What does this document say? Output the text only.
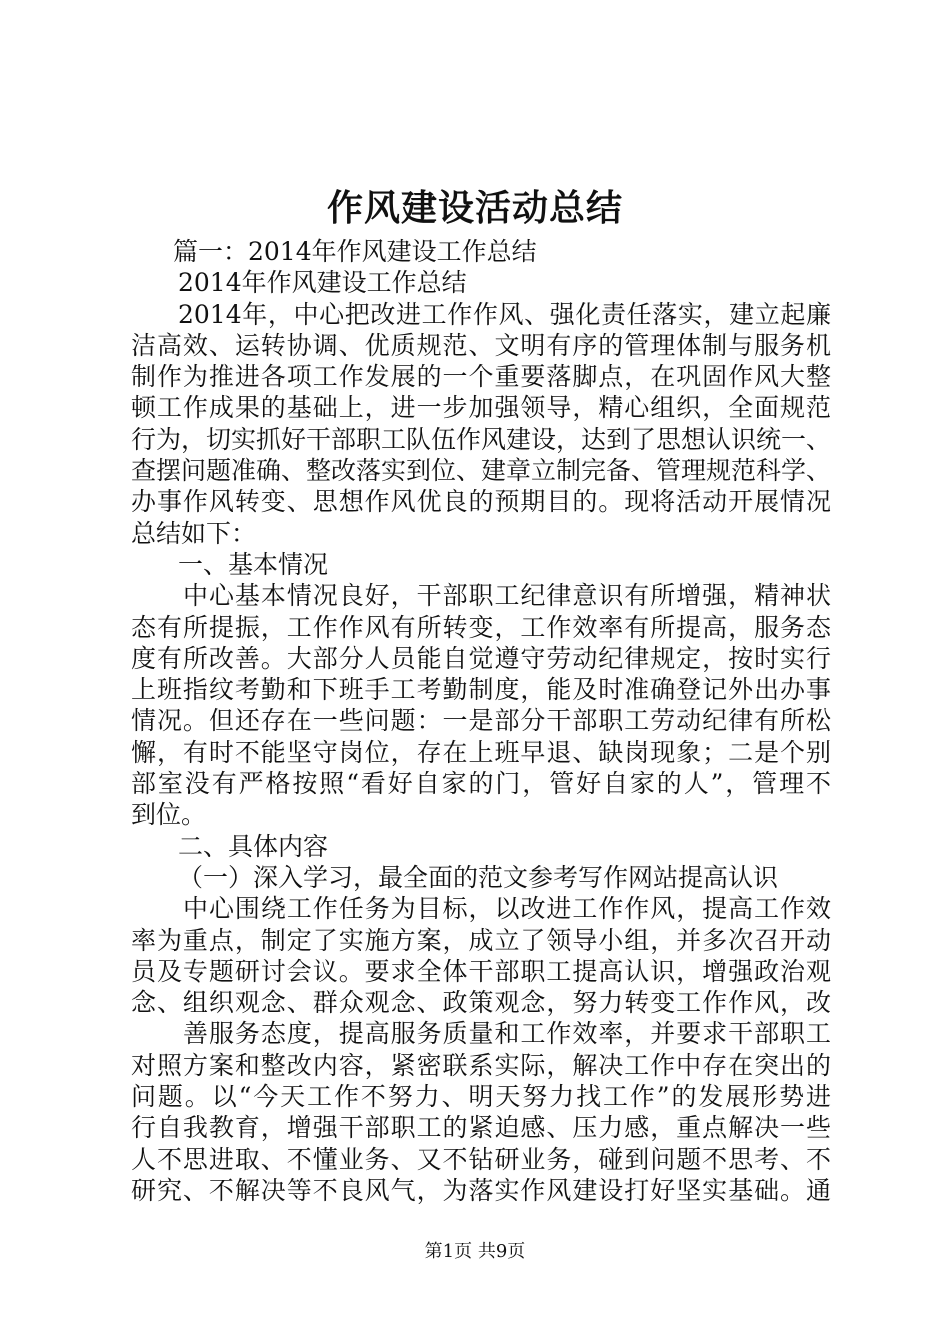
作风建设活动总结

篇一：2014年作风建设工作总结

2014年作风建设工作总结

2014年，中心把改进工作作风、强化责任落实，建立起廉

洁高效、运转协调、优质规范、文明有序的管理体制与服务机

制作为推进各项工作发展的一个重要落脚点，在巩固作风大整

顿工作成果的基础上，进一步加强领导，精心组织，全面规范

行为，切实抓好干部职工队伍作风建设，达到了思想认识统一、

查摆问题准确、整改落实到位、建章立制完备、管理规范科学、

办事作风转变、思想作风优良的预期目的。现将活动开展情况

总结如下：

一、基本情况

中心基本情况良好，干部职工纪律意识有所增强，精神状

态有所提振，工作作风有所转变，工作效率有所提高，服务态

度有所改善。大部分人员能自觉遵守劳动纪律规定，按时实行

上班指纹考勤和下班手工考勤制度，能及时准确登记外出办事

情况。但还存在一些问题：一是部分干部职工劳动纪律有所松

懈，有时不能坚守岗位，存在上班早退、缺岗现象；二是个别

部室没有严格按照“看好自家的门，管好自家的人”，管理不

到位。

二、具体内容

（一）深入学习，最全面的范文参考写作网站提高认识

中心围绕工作任务为目标，以改进工作作风，提高工作效

率为重点，制定了实施方案，成立了领导小组，并多次召开动

员及专题研讨会议。要求全体干部职工提高认识，增强政治观

念、组织观念、群众观念、政策观念，努力转变工作作风，改

善服务态度，提高服务质量和工作效率，并要求干部职工

对照方案和整改内容，紧密联系实际，解决工作中存在突出的

问题。以“今天工作不努力、明天努力找工作”的发展形势进

行自我教育，增强干部职工的紧迫感、压力感，重点解决一些

人不思进取、不懂业务、又不钻研业务，碰到问题不思考、不

研究、不解决等不良风气，为落实作风建设打好坚实基础。通

第1页 共9页
